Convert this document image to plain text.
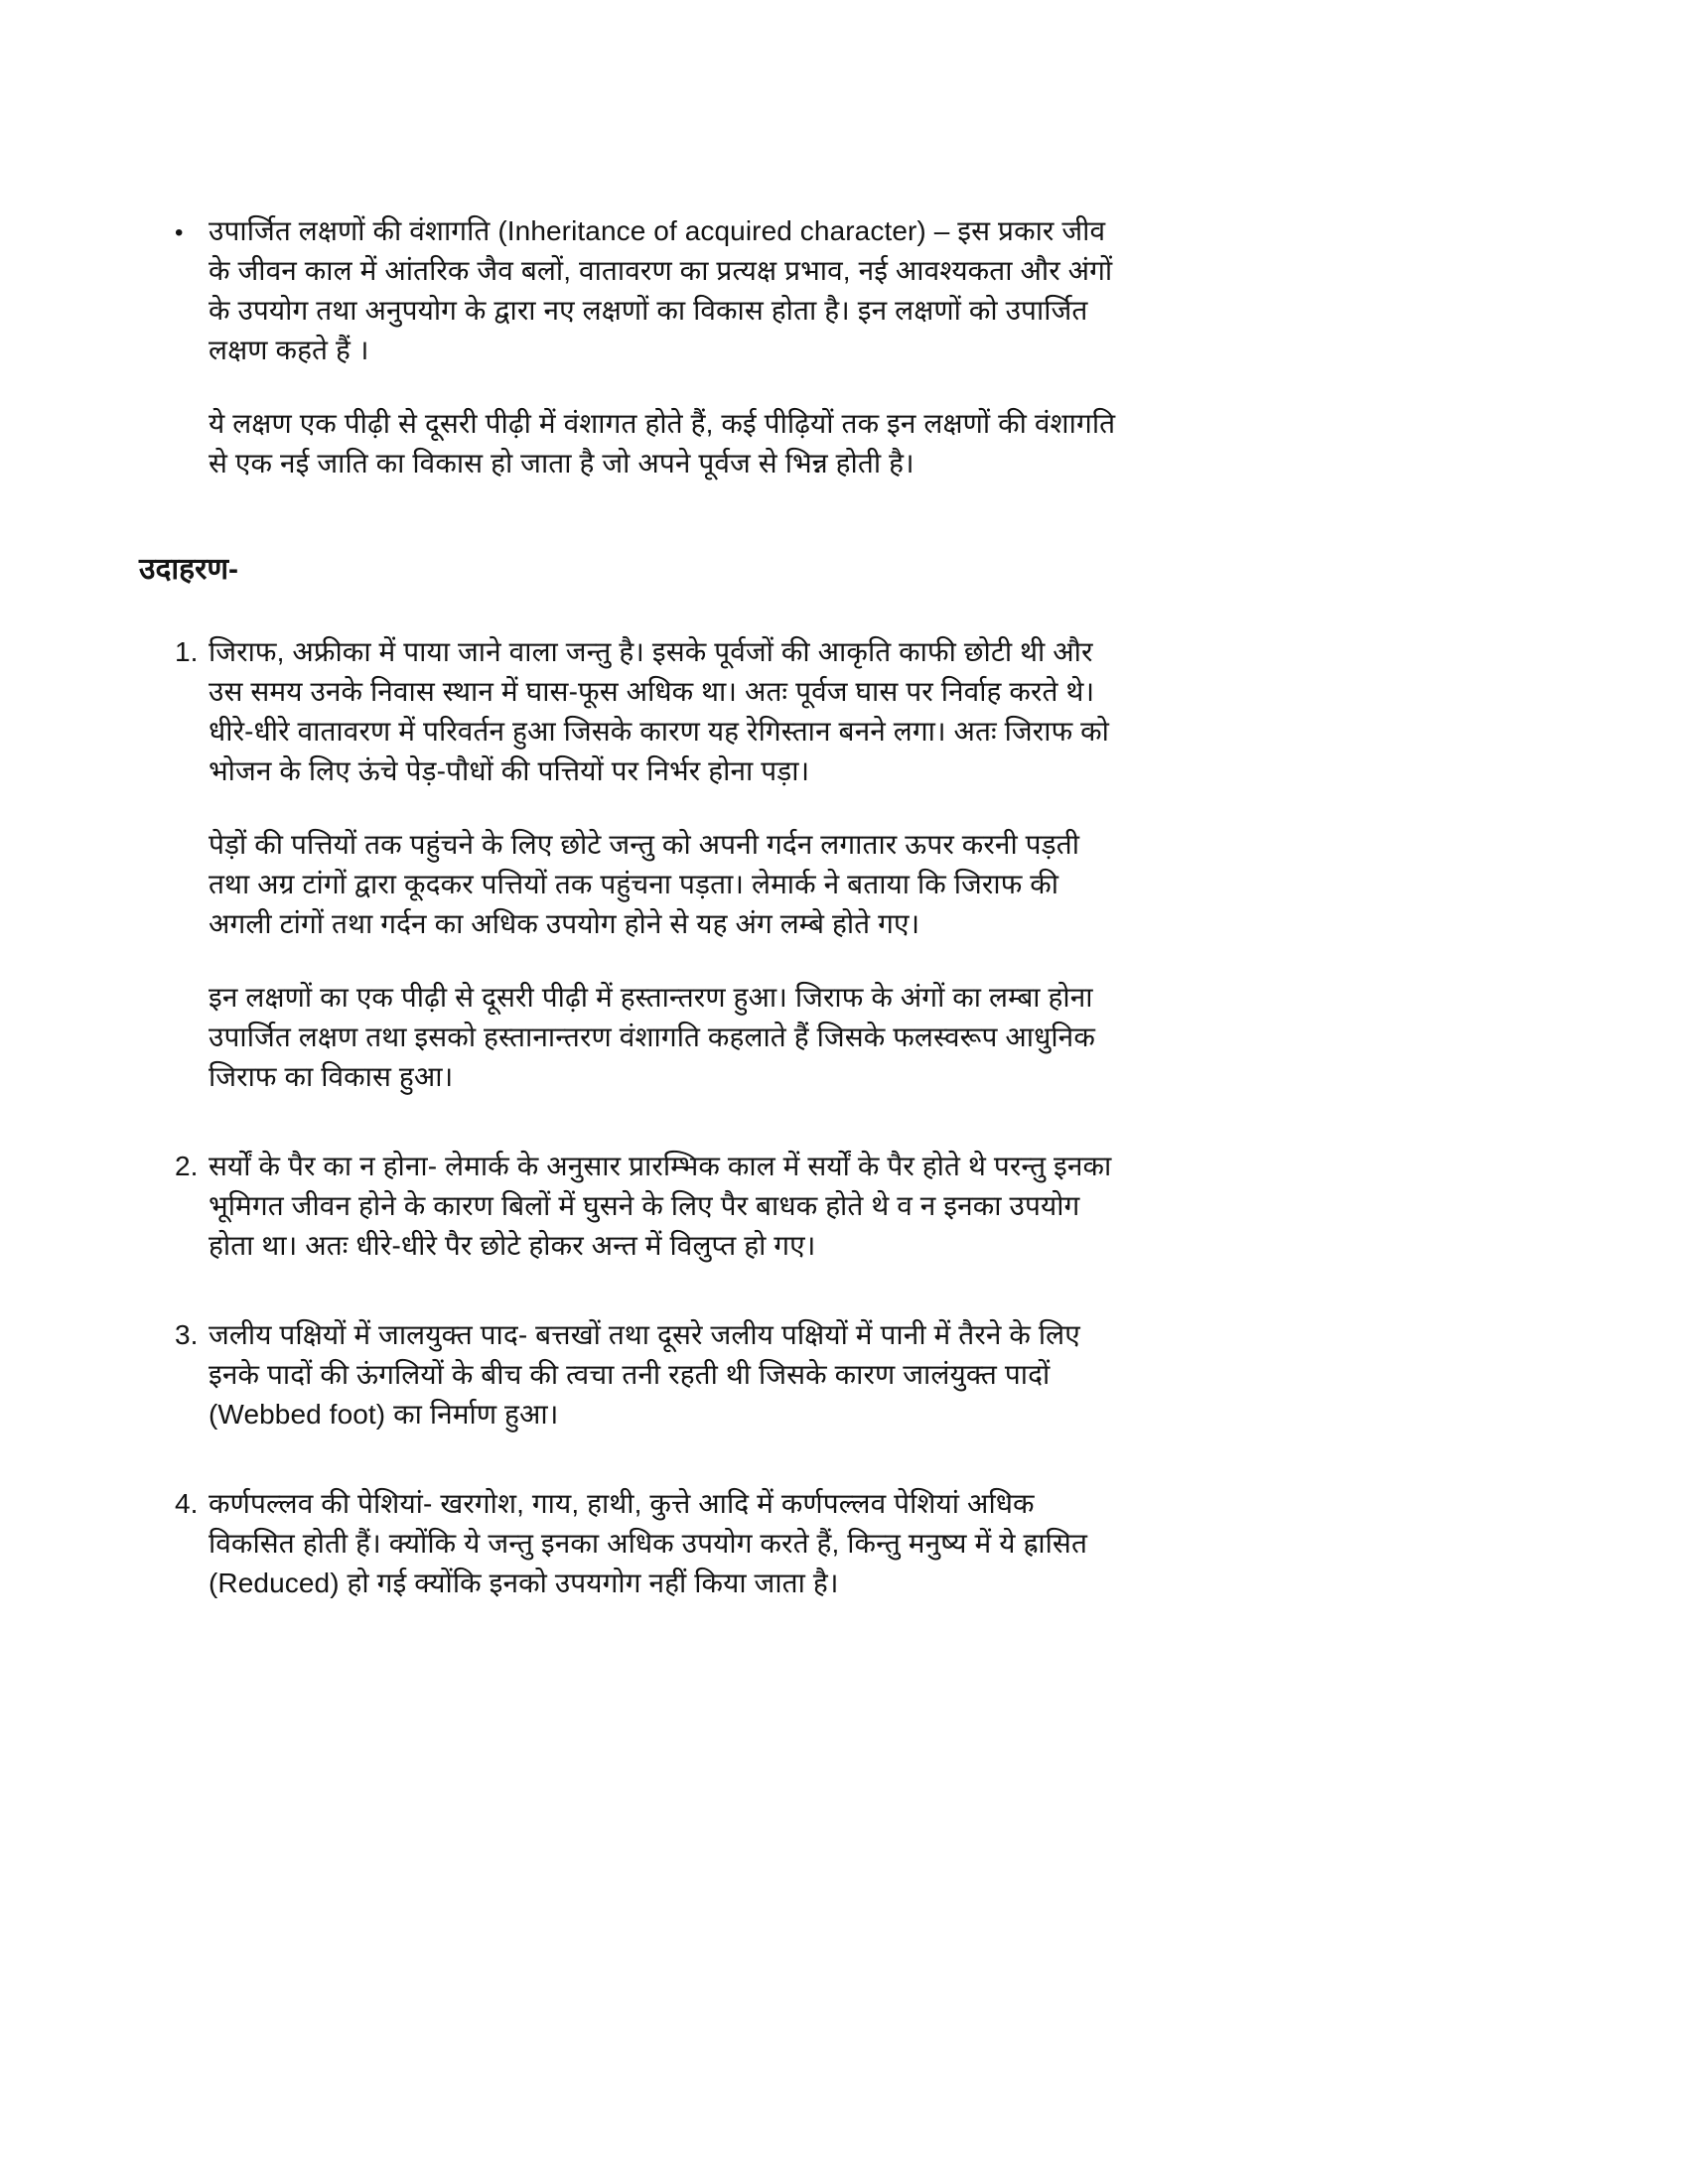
• उपार्जित लक्षणों की वंशागति (Inheritance of acquired character) – इस प्रकार जीव के जीवन काल में आंतरिक जैव बलों, वातावरण का प्रत्यक्ष प्रभाव, नई आवश्यकता और अंगों के उपयोग तथा अनुपयोग के द्वारा नए लक्षणों का विकास होता है। इन लक्षणों को उपार्जित लक्षण कहते हैं ।

ये लक्षण एक पीढ़ी से दूसरी पीढ़ी में वंशागत होते हैं, कई पीढ़ियों तक इन लक्षणों की वंशागति से एक नई जाति का विकास हो जाता है जो अपने पूर्वज से भिन्न होती है।

उदाहरण-
1. जिराफ, अफ्रीका में पाया जाने वाला जन्तु है। इसके पूर्वजों की आकृति काफी छोटी थी और उस समय उनके निवास स्थान में घास-फूस अधिक था। अतः पूर्वज घास पर निर्वाह करते थे। धीरे-धीरे वातावरण में परिवर्तन हुआ जिसके कारण यह रेगिस्तान बनने लगा। अतः जिराफ को भोजन के लिए ऊंचे पेड़-पौधों की पत्तियों पर निर्भर होना पड़ा।

पेड़ों की पत्तियों तक पहुंचने के लिए छोटे जन्तु को अपनी गर्दन लगातार ऊपर करनी पड़ती तथा अग्र टांगों द्वारा कूदकर पत्तियों तक पहुंचना पड़ता। लेमार्क ने बताया कि जिराफ की अगली टांगों तथा गर्दन का अधिक उपयोग होने से यह अंग लम्बे होते गए।

इन लक्षणों का एक पीढ़ी से दूसरी पीढ़ी में हस्तान्तरण हुआ। जिराफ के अंगों का लम्बा होना उपार्जित लक्षण तथा इसको हस्तानान्तरण वंशागति कहलाते हैं जिसके फलस्वरूप आधुनिक जिराफ का विकास हुआ।

2. सर्यों के पैर का न होना- लेमार्क के अनुसार प्रारम्भिक काल में सर्यों के पैर होते थे परन्तु इनका भूमिगत जीवन होने के कारण बिलों में घुसने के लिए पैर बाधक होते थे व न इनका उपयोग होता था। अतः धीरे-धीरे पैर छोटे होकर अन्त में विलुप्त हो गए।

3. जलीय पक्षियों में जालयुक्त पाद- बत्तखों तथा दूसरे जलीय पक्षियों में पानी में तैरने के लिए इनके पादों की ऊंगलियों के बीच की त्वचा तनी रहती थी जिसके कारण जालंयुक्त पादों (Webbed foot) का निर्माण हुआ।

4. कर्णपल्लव की पेशियां- खरगोश, गाय, हाथी, कुत्ते आदि में कर्णपल्लव पेशियां अधिक विकसित होती हैं। क्योंकि ये जन्तु इनका अधिक उपयोग करते हैं, किन्तु मनुष्य में ये ह्रासित (Reduced) हो गई क्योंकि इनको उपयगोग नहीं किया जाता है।
